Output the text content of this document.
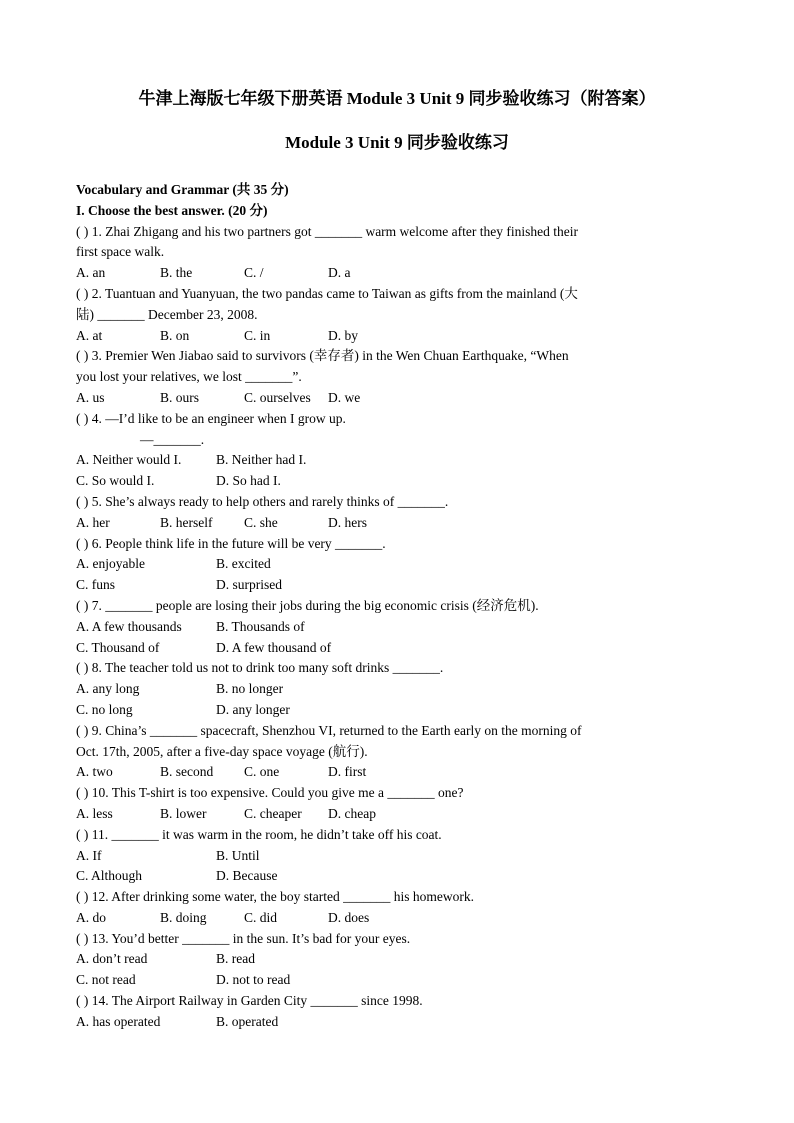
牛津上海版七年级下册英语 Module 3 Unit 9 同步验收练习（附答案）
Module 3 Unit 9 同步验收练习
Vocabulary and Grammar (共 35 分)
I. Choose the best answer. (20 分)
( ) 1. Zhai Zhigang and his two partners got _______ warm welcome after they finished their
first space walk.
A. an	B. the	C. /	D. a
( ) 2. Tuantuan and Yuanyuan, the two pandas came to Taiwan as gifts from the mainland (大
陆) _______ December 23, 2008.
A. at	B. on	C. in	D. by
( ) 3. Premier Wen Jiabao said to survivors (幸存者) in the Wen Chuan Earthquake, “When
you lost your relatives, we lost _______”.
A. us	B. ours	C. ourselves D. we
( ) 4. —I’d like to be an engineer when I grow up.
—_______.
A. Neither would I.	B. Neither had I.
C. So would I.	D. So had I.
( ) 5. She’s always ready to help others and rarely thinks of _______.
A. her	B. herself C. she	D. hers
( ) 6. People think life in the future will be very _______.
A. enjoyable	B. excited
C. funs	D. surprised
( ) 7. _______ people are losing their jobs during the big economic crisis (经济危机).
A. A few thousands	B. Thousands of
C. Thousand of	D. A few thousand of
( ) 8. The teacher told us not to drink too many soft drinks _______.
A. any long	B. no longer
C. no long	D. any longer
( ) 9. China’s _______ spacecraft, Shenzhou VI, returned to the Earth early on the morning of
Oct. 17th, 2005, after a five-day space voyage (航行).
A. two	B. second C. one	D. first
( ) 10. This T-shirt is too expensive. Could you give me a _______ one?
A. less	B. lower	C. cheaper D. cheap
( ) 11. _______ it was warm in the room, he didn’t take off his coat.
A. If	B. Until
C. Although	D. Because
( ) 12. After drinking some water, the boy started _______ his homework.
A. do	B. doing	C. did	D. does
( ) 13. You’d better _______ in the sun. It’s bad for your eyes.
A. don’t read	B. read
C. not read	D. not to read
( ) 14. The Airport Railway in Garden City _______ since 1998.
A. has operated	B. operated
